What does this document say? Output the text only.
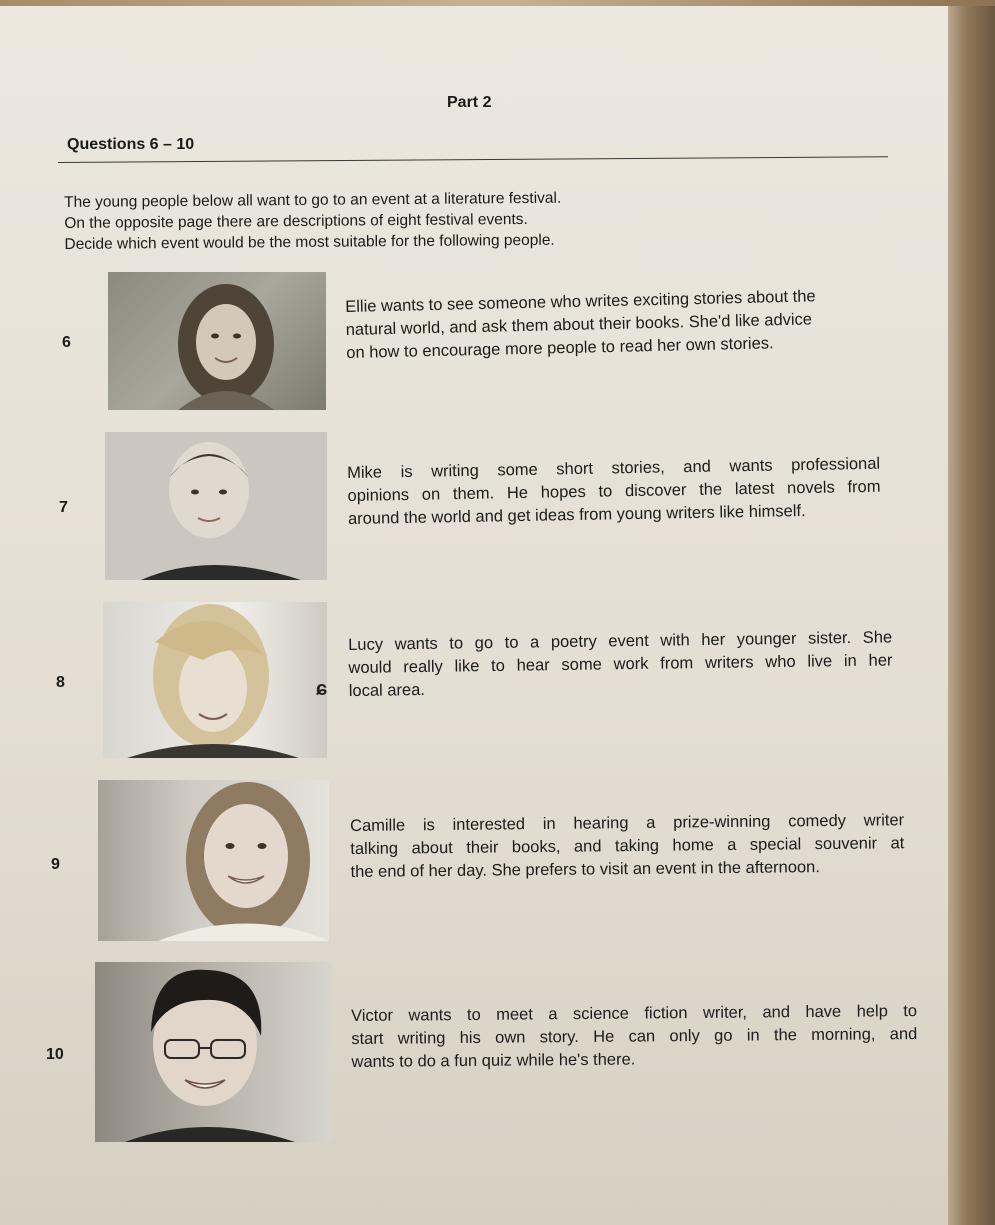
Part 2
Questions 6 – 10
The young people below all want to go to an event at a literature festival.
On the opposite page there are descriptions of eight festival events.
Decide which event would be the most suitable for the following people.
6
Ellie wants to see someone who writes exciting stories about the
natural world, and ask them about their books. She'd like advice
on how to encourage more people to read her own stories.
7
Mike is writing some short stories, and wants professional
opinions on them. He hopes to discover the latest novels from
around the world and get ideas from young writers like himself.
8	ɕ
Lucy wants to go to a poetry event with her younger sister. She
would really like to hear some work from writers who live in her
local area.
9
Camille is interested in hearing a prize-winning comedy writer
talking about their books, and taking home a special souvenir at
the end of her day. She prefers to visit an event in the afternoon.
10
Victor wants to meet a science fiction writer, and have help to
start writing his own story. He can only go in the morning, and
wants to do a fun quiz while he's there.
